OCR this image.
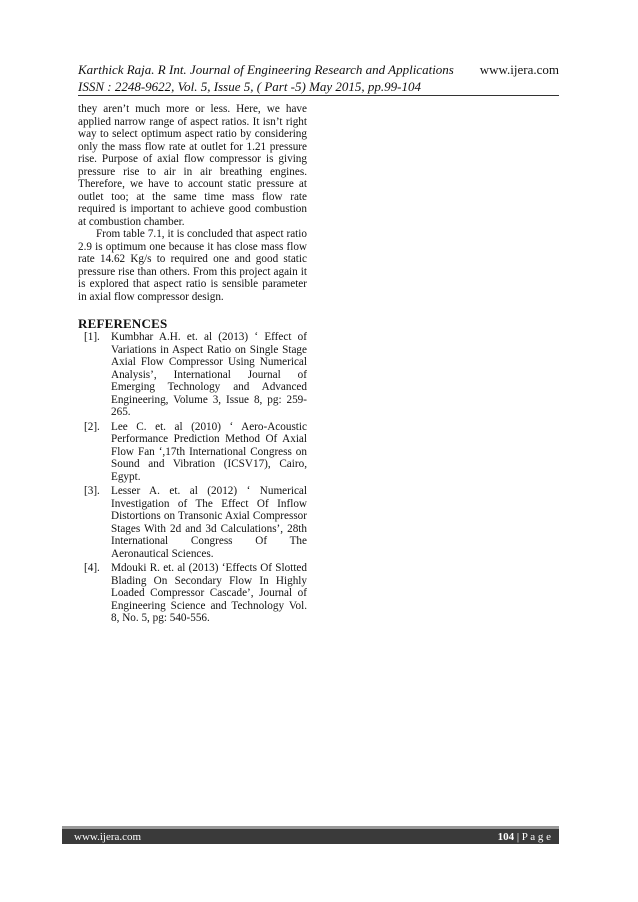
Karthick Raja. R Int. Journal of Engineering Research and Applications www.ijera.com
ISSN : 2248-9622, Vol. 5, Issue 5, ( Part -5) May 2015, pp.99-104

they aren’t much more or less. Here, we have applied narrow range of aspect ratios. It isn’t right way to select optimum aspect ratio by considering only the mass flow rate at outlet for 1.21 pressure rise. Purpose of axial flow compressor is giving pressure rise to air in air breathing engines. Therefore, we have to account static pressure at outlet too; at the same time mass flow rate required is important to achieve good combustion at combustion chamber.

From table 7.1, it is concluded that aspect ratio 2.9 is optimum one because it has close mass flow rate 14.62 Kg/s to required one and good static pressure rise than others. From this project again it is explored that aspect ratio is sensible parameter in axial flow compressor design.

REFERENCES
[1]. Kumbhar A.H. et. al (2013) ‘ Effect of Variations in Aspect Ratio on Single Stage Axial Flow Compressor Using Numerical Analysis’, International Journal of Emerging Technology and Advanced Engineering, Volume 3, Issue 8, pg: 259-265.
[2]. Lee C. et. al (2010) ‘ Aero-Acoustic Performance Prediction Method Of Axial Flow Fan ‘,17th International Congress on Sound and Vibration (ICSV17), Cairo, Egypt.
[3]. Lesser A. et. al (2012) ‘ Numerical Investigation of The Effect Of Inflow Distortions on Transonic Axial Compressor Stages With 2d and 3d Calculations’, 28th International Congress Of The Aeronautical Sciences.
[4]. Mdouki R. et. al (2013) ‘Effects Of Slotted Blading On Secondary Flow In Highly Loaded Compressor Cascade’, Journal of Engineering Science and Technology Vol. 8, No. 5, pg: 540-556.
www.ijera.com	104 | P a g e
